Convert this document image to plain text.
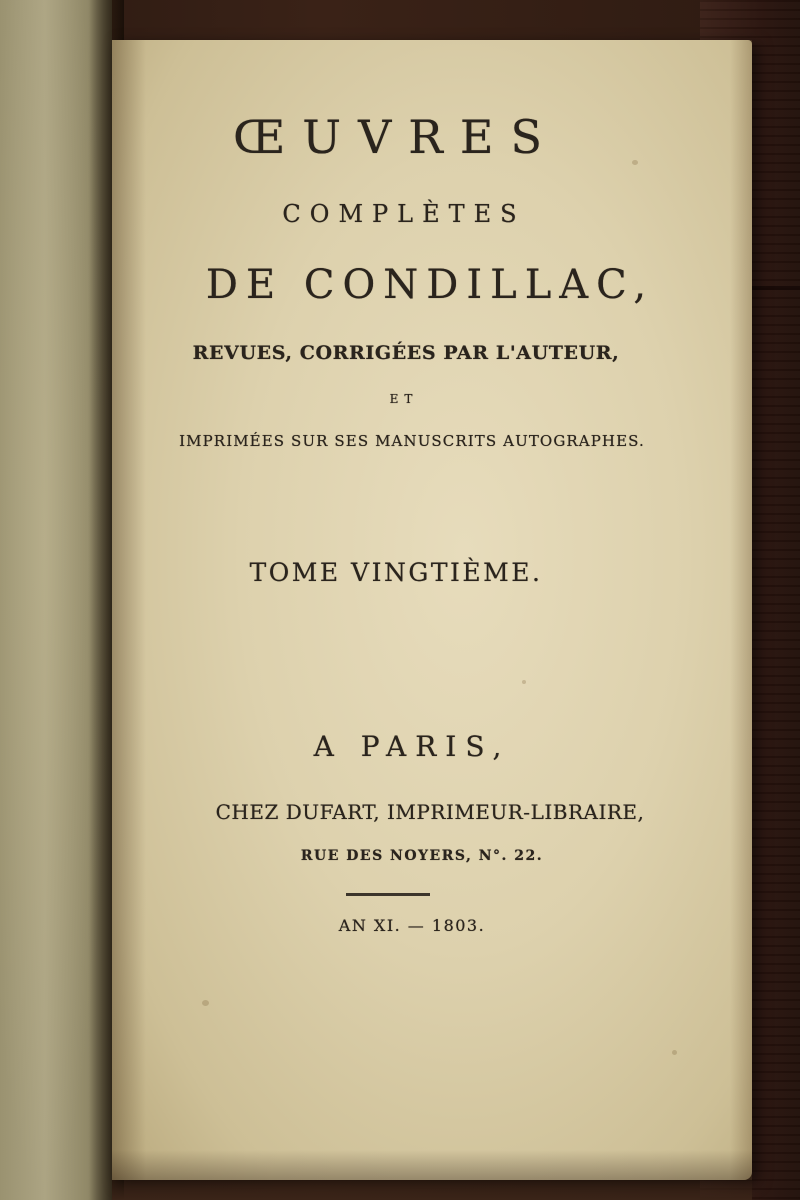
ŒUVRES
COMPLÈTES
DE CONDILLAC,
REVUES, CORRIGÉES PAR L'AUTEUR,
ET
IMPRIMÉES SUR SES MANUSCRITS AUTOGRAPHES.
TOME VINGTIÈME.
A PARIS,
CHEZ DUFART, IMPRIMEUR-LIBRAIRE,
RUE DES NOYERS, N°. 22.
AN XI. — 1803.
